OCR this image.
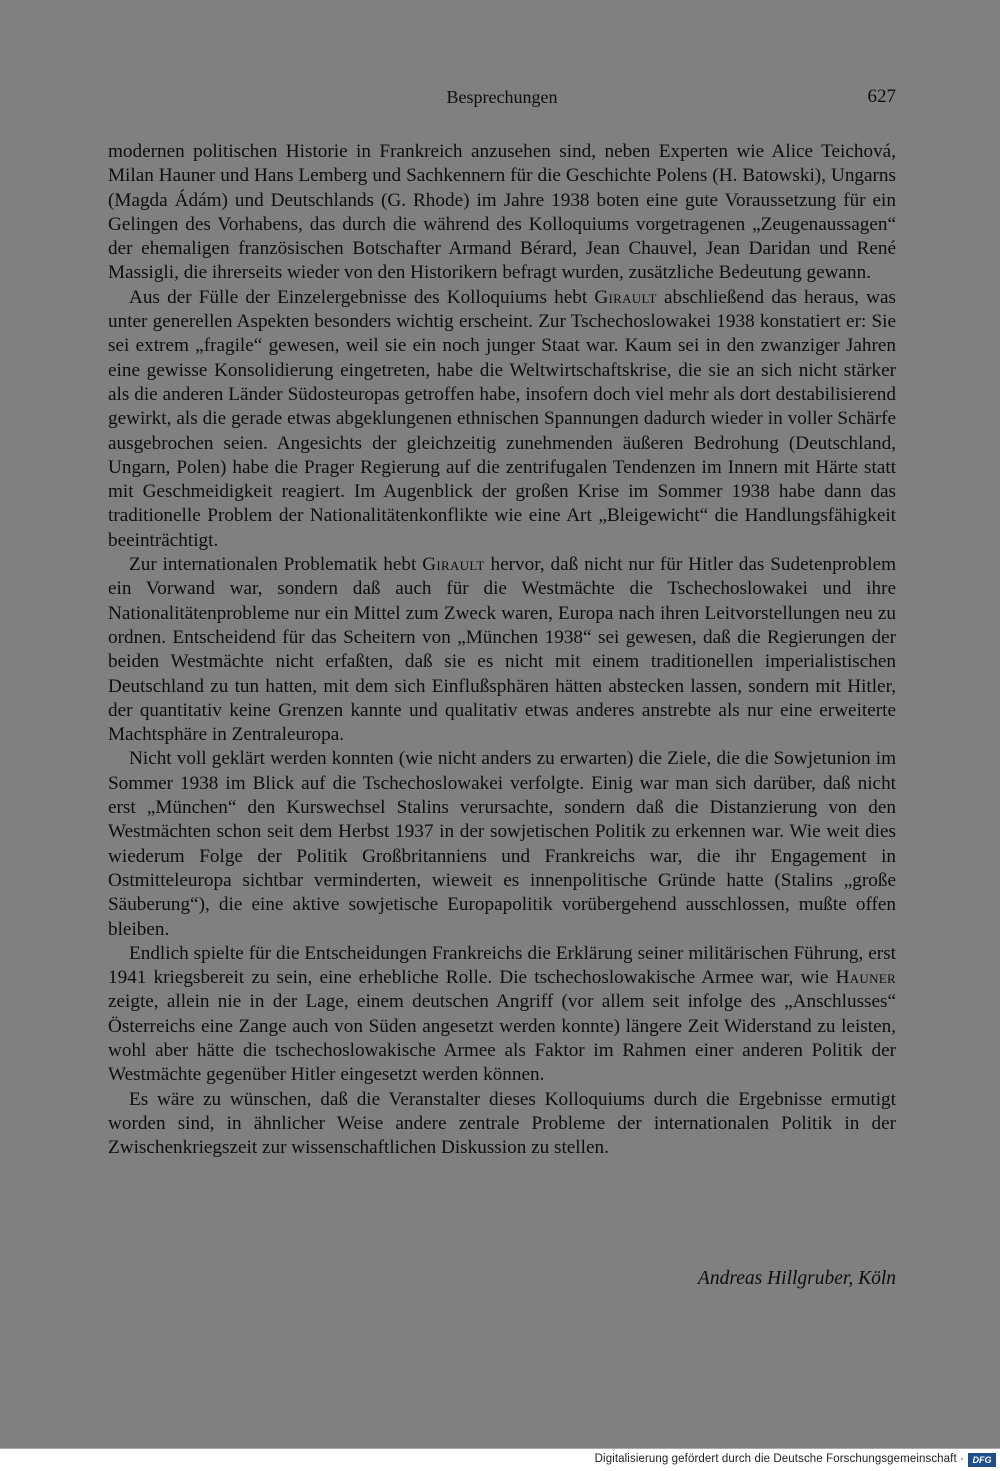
Besprechungen	627

modernen politischen Historie in Frankreich anzusehen sind, neben Experten wie Alice Teichová, Milan Hauner und Hans Lemberg und Sachkennern für die Geschichte Polens (H. Batowski), Ungarns (Magda Ádám) und Deutschlands (G. Rhode) im Jahre 1938 boten eine gute Voraussetzung für ein Gelingen des Vorhabens, das durch die während des Kolloquiums vorgetragenen „Zeugenaussagen“ der ehemaligen französischen Botschafter Armand Bérard, Jean Chauvel, Jean Daridan und René Massigli, die ihrerseits wieder von den Historikern befragt wurden, zusätzliche Bedeutung gewann.

Aus der Fülle der Einzelergebnisse des Kolloquiums hebt Girault abschließend das heraus, was unter generellen Aspekten besonders wichtig erscheint. Zur Tschechoslowakei 1938 konstatiert er: Sie sei extrem „fragile“ gewesen, weil sie ein noch junger Staat war. Kaum sei in den zwanziger Jahren eine gewisse Konsolidierung eingetreten, habe die Weltwirtschaftskrise, die sie an sich nicht stärker als die anderen Länder Südosteuropas getroffen habe, insofern doch viel mehr als dort destabilisierend gewirkt, als die gerade etwas abgeklungenen ethnischen Spannungen dadurch wieder in voller Schärfe ausgebrochen seien. Angesichts der gleichzeitig zunehmenden äußeren Bedrohung (Deutschland, Ungarn, Polen) habe die Prager Regierung auf die zentrifugalen Tendenzen im Innern mit Härte statt mit Geschmeidigkeit reagiert. Im Augenblick der großen Krise im Sommer 1938 habe dann das traditionelle Problem der Nationalitätenkonflikte wie eine Art „Bleigewicht“ die Handlungsfähigkeit beeinträchtigt.

Zur internationalen Problematik hebt Girault hervor, daß nicht nur für Hitler das Sudetenproblem ein Vorwand war, sondern daß auch für die Westmächte die Tschechoslowakei und ihre Nationalitätenprobleme nur ein Mittel zum Zweck waren, Europa nach ihren Leitvorstellungen neu zu ordnen. Entscheidend für das Scheitern von „München 1938“ sei gewesen, daß die Regierungen der beiden Westmächte nicht erfaßten, daß sie es nicht mit einem traditionellen imperialistischen Deutschland zu tun hatten, mit dem sich Einflußsphären hätten abstecken lassen, sondern mit Hitler, der quantitativ keine Grenzen kannte und qualitativ etwas anderes anstrebte als nur eine erweiterte Machtsphäre in Zentraleuropa.

Nicht voll geklärt werden konnten (wie nicht anders zu erwarten) die Ziele, die die Sowjetunion im Sommer 1938 im Blick auf die Tschechoslowakei verfolgte. Einig war man sich darüber, daß nicht erst „München“ den Kurswechsel Stalins verursachte, sondern daß die Distanzierung von den Westmächten schon seit dem Herbst 1937 in der sowjetischen Politik zu erkennen war. Wie weit dies wiederum Folge der Politik Großbritanniens und Frankreichs war, die ihr Engagement in Ostmitteleuropa sichtbar verminderten, wieweit es innenpolitische Gründe hatte (Stalins „große Säuberung“), die eine aktive sowjetische Europapolitik vorübergehend ausschlossen, mußte offen bleiben.

Endlich spielte für die Entscheidungen Frankreichs die Erklärung seiner militärischen Führung, erst 1941 kriegsbereit zu sein, eine erhebliche Rolle. Die tschechoslowakische Armee war, wie Hauner zeigte, allein nie in der Lage, einem deutschen Angriff (vor allem seit infolge des „Anschlusses“ Österreichs eine Zange auch von Süden angesetzt werden konnte) längere Zeit Widerstand zu leisten, wohl aber hätte die tschechoslowakische Armee als Faktor im Rahmen einer anderen Politik der Westmächte gegenüber Hitler eingesetzt werden können.

Es wäre zu wünschen, daß die Veranstalter dieses Kolloquiums durch die Ergebnisse ermutigt worden sind, in ähnlicher Weise andere zentrale Probleme der internationalen Politik in der Zwischenkriegszeit zur wissenschaftlichen Diskussion zu stellen.

Andreas Hillgruber, Köln
Digitalisierung gefördert durch die Deutsche Forschungsgemeinschaft · DFG
